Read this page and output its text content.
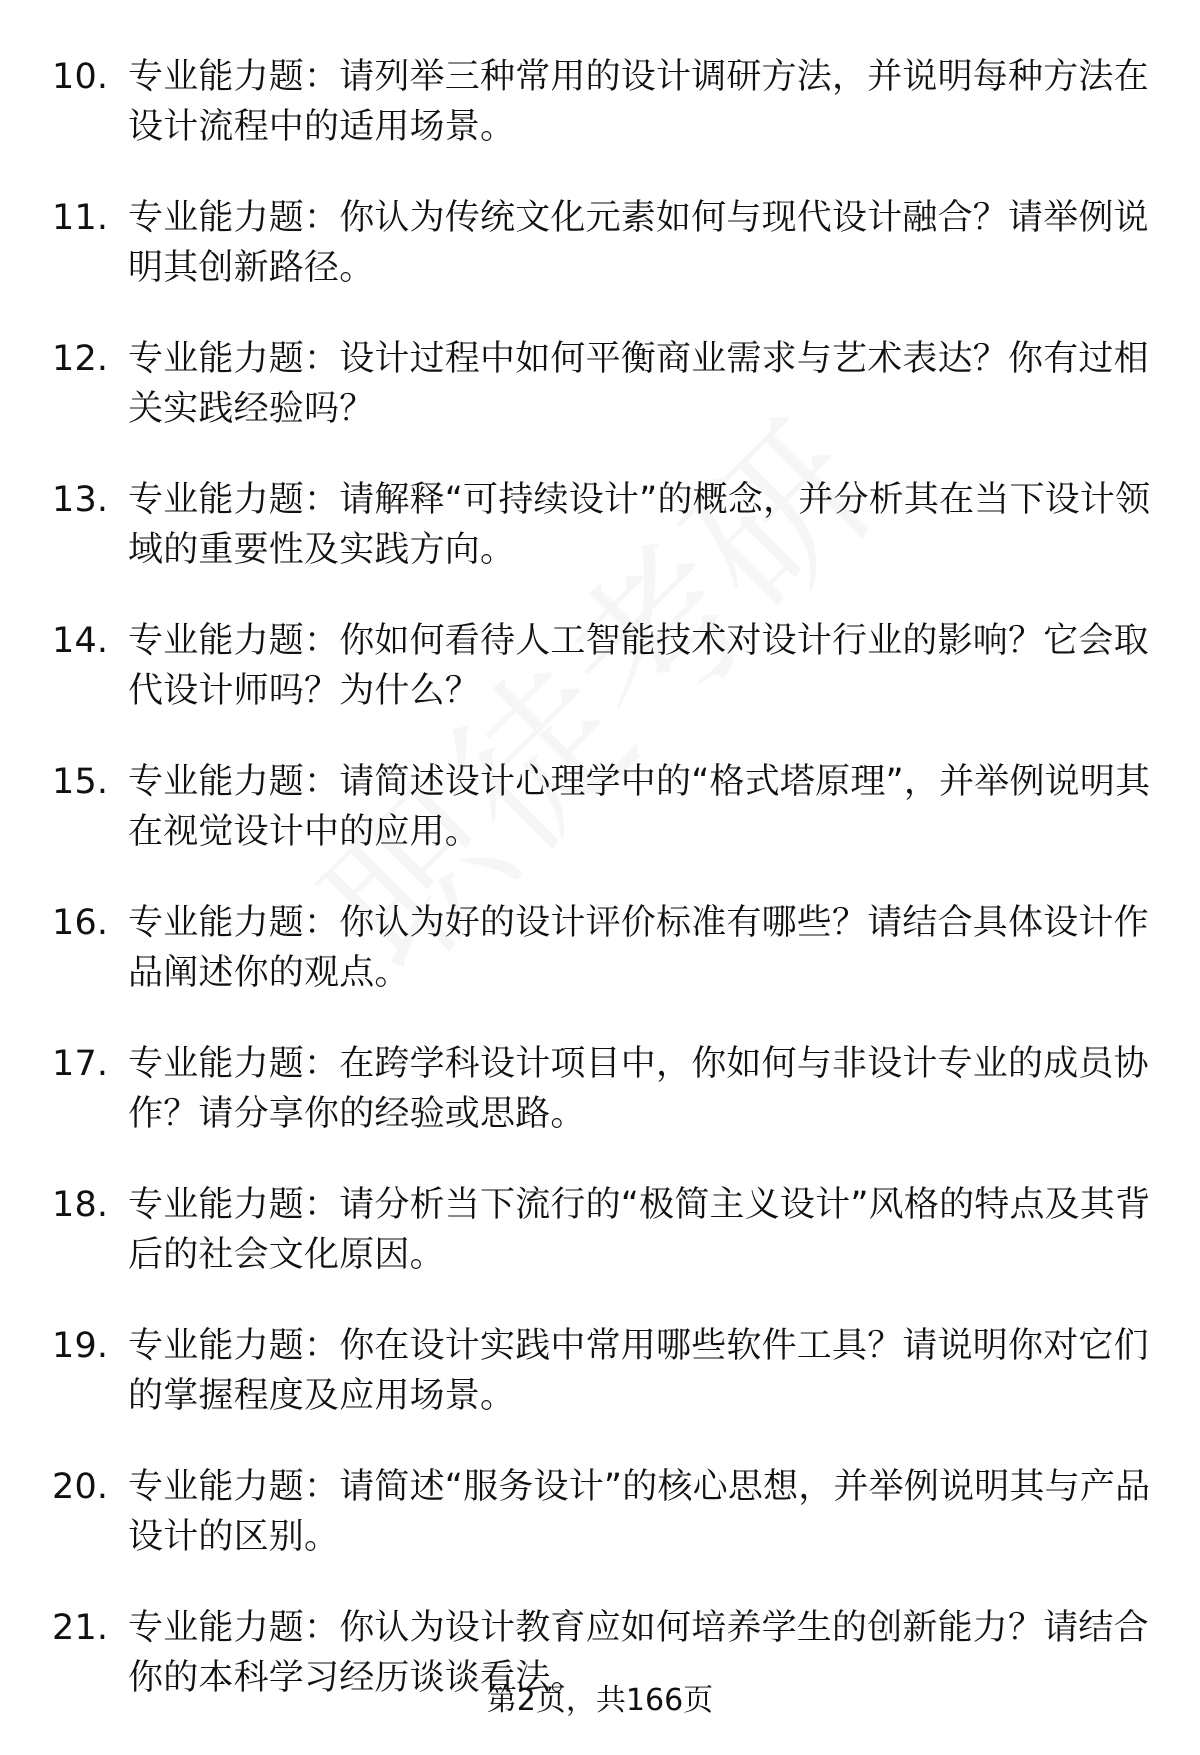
10. 专业能力题：请列举三种常用的设计调研方法，并说明每种方法在设计流程中的适用场景。
11. 专业能力题：你认为传统文化元素如何与现代设计融合？请举例说明其创新路径。
12. 专业能力题：设计过程中如何平衡商业需求与艺术表达？你有过相关实践经验吗？
13. 专业能力题：请解释“可持续设计”的概念，并分析其在当下设计领域的重要性及实践方向。
14. 专业能力题：你如何看待人工智能技术对设计行业的影响？它会取代设计师吗？为什么？
15. 专业能力题：请简述设计心理学中的“格式塔原理”，并举例说明其在视觉设计中的应用。
16. 专业能力题：你认为好的设计评价标准有哪些？请结合具体设计作品阐述你的观点。
17. 专业能力题：在跨学科设计项目中，你如何与非设计专业的成员协作？请分享你的经验或思路。
18. 专业能力题：请分析当下流行的“极简主义设计”风格的特点及其背后的社会文化原因。
19. 专业能力题：你在设计实践中常用哪些软件工具？请说明你对它们的掌握程度及应用场景。
20. 专业能力题：请简述“服务设计”的核心思想，并举例说明其与产品设计的区别。
21. 专业能力题：你认为设计教育应如何培养学生的创新能力？请结合你的本科学习经历谈谈看法。
第2页，共166页
